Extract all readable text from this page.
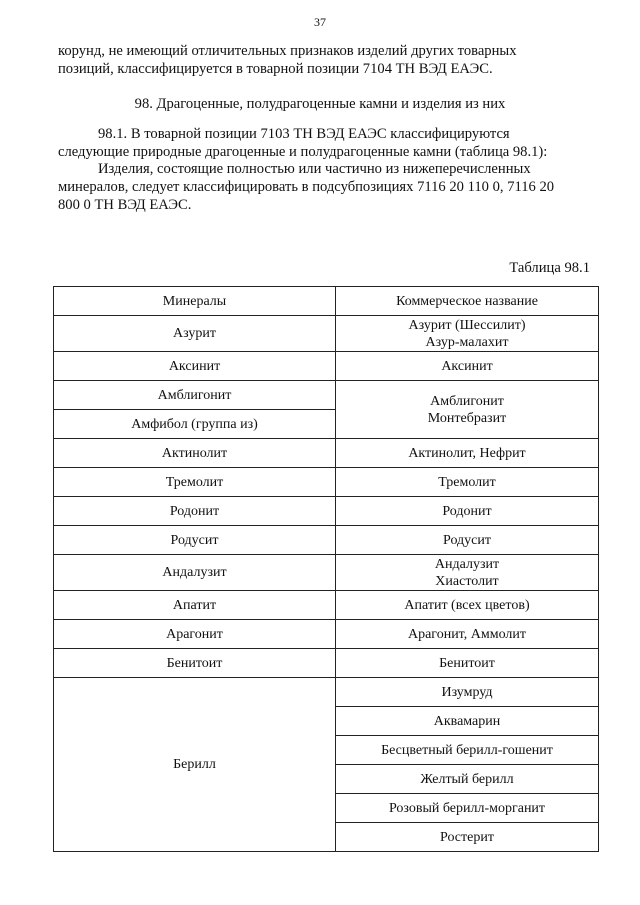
37
корунд, не имеющий отличительных признаков изделий других товарных
позиций, классифицируется в товарной позиции 7104 ТН ВЭД ЕАЭС.
98. Драгоценные, полудрагоценные камни и изделия из них
98.1. В товарной позиции 7103 ТН ВЭД ЕАЭС классифицируются
следующие природные драгоценные и полудрагоценные камни (таблица 98.1):
Изделия, состоящие полностью или частично из нижеперечисленных
минералов, следует классифицировать в подсубпозициях 7116 20 110 0, 7116 20
800 0 ТН ВЭД ЕАЭС.
Таблица 98.1
Минералы	Коммерческое название
Азурит	Азурит (Шессилит)
Азур-малахит

Аксинит	Аксинит
Амблигонит	Амблигонит
Монтебразит

Амфибол (группа из)	
Актинолит	Актинолит, Нефрит
Тремолит	Тремолит
Родонит	Родонит
Родусит	Родусит
Андалузит	Андалузит
Хиастолит

Апатит	Апатит (всех цветов)
Арагонит	Арагонит, Аммолит
Бенитоит	Бенитоит
Берилл	Изумруд
	Аквамарин
	Бесцветный берилл-гошенит
	Желтый берилл
	Розовый берилл-морганит
	Ростерит
